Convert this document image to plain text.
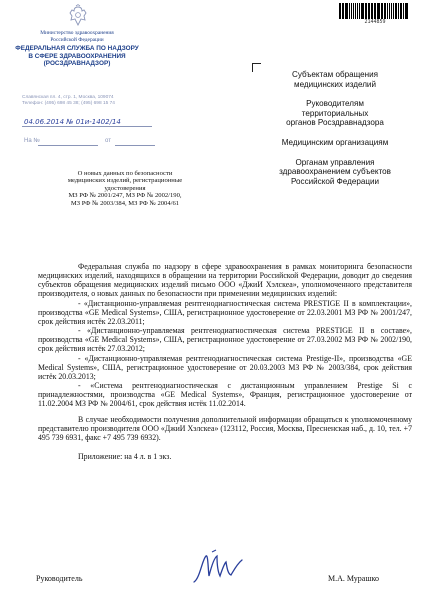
Министерство здравоохранения
Российской Федерации
ФЕДЕРАЛЬНАЯ СЛУЖБА ПО НАДЗОРУ
В СФЕРЕ ЗДРАВООХРАНЕНИЯ
(РОСЗДРАВНАДЗОР)
Славянская пл. 4, стр. 1, Москва, 109074
Телефон: (495) 698 45 38; (495) 698 15 74
04.06.2014 № 01и-1402/14
На №	от
2144859
Субъектам обращения
медицинских изделий
Руководителям
территориальных
органов Росздравнадзора
Медицинским организациям
Органам управления
здравоохранением субъектов
Российской Федерации
О новых данных по безопасности
медицинских изделий, регистрационные
удостоверения
МЗ РФ № 2001/247, МЗ РФ № 2002/190,
МЗ РФ № 2003/384, МЗ РФ № 2004/61

Федеральная служба по надзору в сфере здравоохранения в рамках мониторинга безопасности медицинских изделий, находящихся в обращении на территории Российской Федерации, доводит до сведения субъектов обращения медицинских изделий письмо ООО «ДжиИ Хэлскеа», уполномоченного представителя производителя, о новых данных по безопасности при применении медицинских изделий:

- «Дистанционно-управляемая рентгенодиагностическая система PRESTIGE II в комплектации», производства «GE Medical Systems», США, регистрационное удостоверение от 22.03.2001 МЗ РФ № 2001/247, срок действия истёк 22.03.2011;

- «Дистанционно-управляемая рентгенодиагностическая система PRESTIGE II в составе», производства «GE Medical Systems», США, регистрационное удостоверение от 27.03.2002 МЗ РФ № 2002/190, срок действия истёк 27.03.2012;

- «Дистанционно-управляемая рентгенодиагностическая система Prestige-II», производства «GE Medical Systems», США, регистрационное удостоверение от 20.03.2003 МЗ РФ № 2003/384, срок действия истёк 20.03.2013;

- «Система рентгенодиагностическая с дистанционным управлением Prestige Si с принадлежностями, производства «GE Medical Systems», Франция, регистрационное удостоверение от 11.02.2004 МЗ РФ № 2004/61, срок действия истёк 11.02.2014.

В случае необходимости получения дополнительной информации обращаться к уполномоченному представителю производителя ООО «ДжиИ Хэлскеа» (123112, Россия, Москва, Пресненская наб., д. 10, тел. +7 495 739 6931, факс +7 495 739 6932).

Приложение: на 4 л. в 1 экз.

Руководитель	М.А. Мурашко
